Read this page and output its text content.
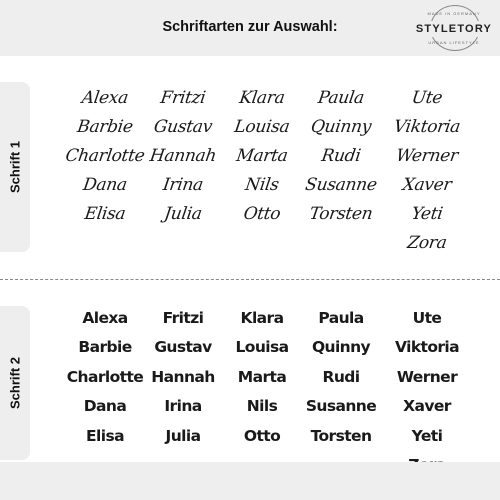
Schriftarten zur Auswahl:
MADE IN GERMANY
STYLETORY
URBAN LIFESTYLE
Schrift 1
Alexa
Barbie
Charlotte
Dana
Elisa
Fritzi
Gustav
Hannah
Irina
Julia
Klara
Louisa
Marta
Nils
Otto
Paula
Quinny
Rudi
Susanne
Torsten
Ute
Viktoria
Werner
Xaver
Yeti
Zora
Schrift 2
Alexa
Barbie
Charlotte
Dana
Elisa
Fritzi
Gustav
Hannah
Irina
Julia
Klara
Louisa
Marta
Nils
Otto
Paula
Quinny
Rudi
Susanne
Torsten
Ute
Viktoria
Werner
Xaver
Yeti
